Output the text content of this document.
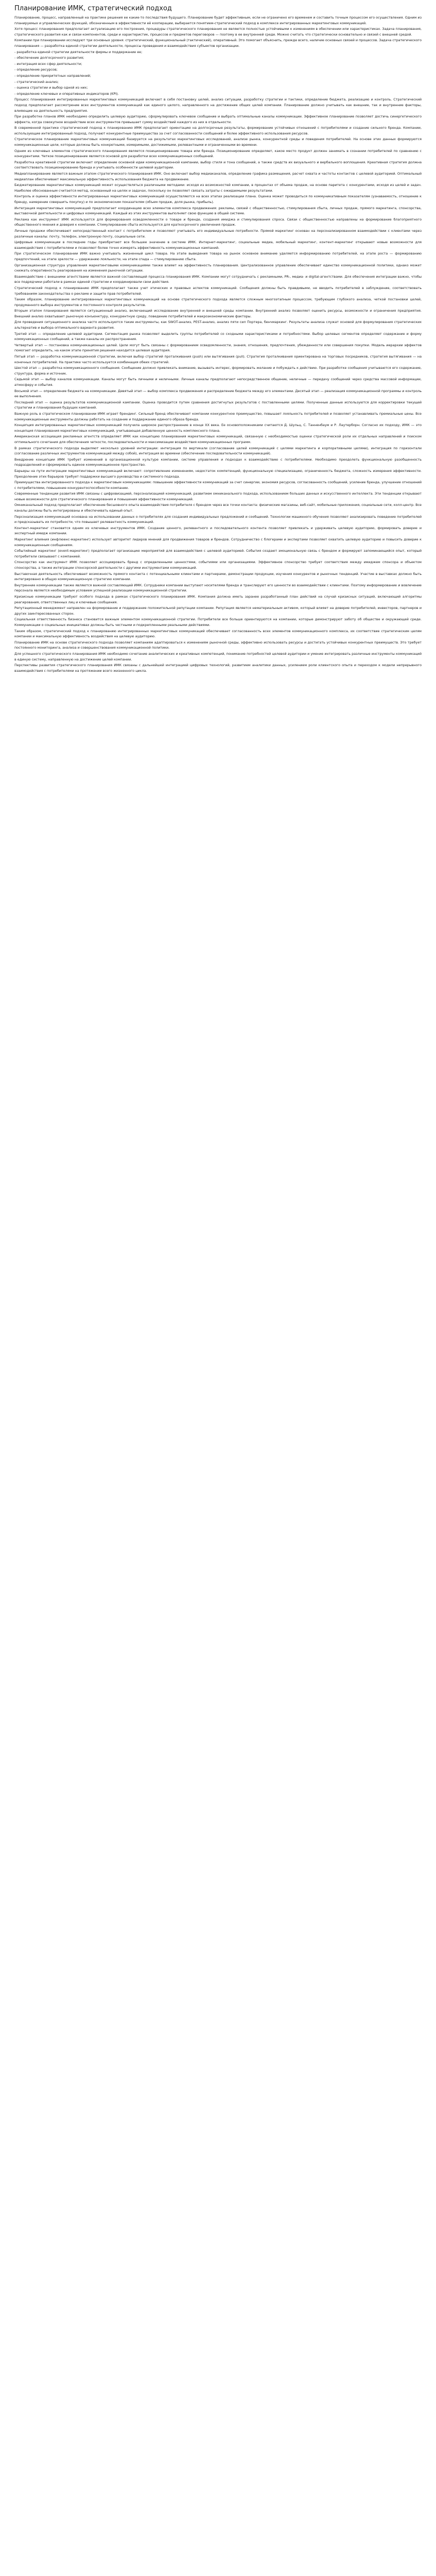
Планирование ИМК, стратегический подход

Планирование, процесс, направленный на практике решения ее какие-то последствия будущего. Планирование будет эффективным, если не ограничено его временем и составить точным процессом его осуществления. Одним из планируемых и управленческих функций, обозначенным в эффективности её кооперации, выбирается понятием-стратегический подход в комплексе интегрированных маркетинговых коммуникаций.

Хотя процесс планирования предполагает актуализацию его построения, процедуры стратегического планирования не являются полностью устойчивыми к изменениям в обеспечении или характеристиках. Задача планирования, стратегического развития как и связи компонентов, среди и характеристик, процессов и предметов переговоров — поэтому в ее внутренней среде. Можно считать что стратегически основательно и связей с внешней средой.

Компании при планировании исследуют три основных уровня: стратегический, функциональный (тактический), оперативный. Это помогает объяснить, прежде всего, наличие основных связей и процессов. Задача стратегического планирования — разработка единой стратегии деятельности, процессы проведения и взаимодействия субъектов организации.

- разработка единой стратегии деятельности фирмы и поддержание ее;

- обеспечение долгосрочного развития;

- интеграция всех сфер деятельности;

- определение ресурсов;

- определение приоритетных направлений;

- стратегический анализ;

- оценка стратегии и выбор одной из них;

- определение ключевых и оперативных индикаторов (KPI).

Процесс планирования интегрированных маркетинговых коммуникаций включает в себя постановку целей, анализ ситуации, разработку стратегии и тактики, определение бюджета, реализацию и контроль. Стратегический подход предполагает рассмотрение всех инструментов коммуникаций как единого целого, направленного на достижение общих целей компании. Планирование должно учитывать как внешние, так и внутренние факторы, влияющие на деятельность предприятия.

При разработке планов ИМК необходимо определить целевую аудиторию, сформулировать ключевое сообщение и выбрать оптимальные каналы коммуникации. Эффективное планирование позволяет достичь синергетического эффекта, когда совокупное воздействие всех инструментов превышает сумму воздействий каждого из них в отдельности.

В современной практике стратегический подход к планированию ИМК предполагает ориентацию на долгосрочные результаты, формирование устойчивых отношений с потребителями и создание сильного бренда. Компании, использующие интегрированный подход, получают конкурентные преимущества за счет согласованности сообщений и более эффективного использования ресурсов.

Стратегическое планирование маркетинговых коммуникаций базируется на результатах маркетинговых исследований, анализе рынка, конкурентной среды и поведения потребителей. На основе этих данных формируются коммуникационные цели, которые должны быть конкретными, измеримыми, достижимыми, релевантными и ограниченными во времени.

Одним из ключевых элементов стратегического планирования является позиционирование товара или бренда. Позиционирование определяет, какое место продукт должен занимать в сознании потребителей по сравнению с конкурентами. Четкое позиционирование является основой для разработки всех коммуникационных сообщений.

Разработка креативной стратегии включает определение основной идеи коммуникационной кампании, выбор стиля и тона сообщений, а также средств их визуального и вербального воплощения. Креативная стратегия должна соответствовать позиционированию бренда и учитывать особенности целевой аудитории.

Медиапланирование является важным этапом стратегического планирования ИМК. Оно включает выбор медиаканалов, определение графика размещения, расчет охвата и частоты контактов с целевой аудиторией. Оптимальный медиаплан обеспечивает максимальную эффективность использования бюджета на продвижение.

Бюджетирование маркетинговых коммуникаций может осуществляться различными методами: исходя из возможностей компании, в процентах от объема продаж, на основе паритета с конкурентами, исходя из целей и задач. Наиболее обоснованным считается метод, основанный на целях и задачах, поскольку он позволяет связать затраты с ожидаемыми результатами.

Контроль и оценка эффективности интегрированных маркетинговых коммуникаций осуществляются на всех этапах реализации плана. Оценка может проводиться по коммуникативным показателям (узнаваемость, отношение к бренду, намерение совершить покупку) и по экономическим показателям (объем продаж, доля рынка, прибыль).

Интеграция маркетинговых коммуникаций предполагает координацию всех элементов комплекса продвижения: рекламы, связей с общественностью, стимулирования сбыта, личных продаж, прямого маркетинга, спонсорства, выставочной деятельности и цифровых коммуникаций. Каждый из этих инструментов выполняет свою функцию в общей системе.

Реклама как инструмент ИМК используется для формирования осведомленности о товаре и бренде, создания имиджа и стимулирования спроса. Связи с общественностью направлены на формирование благоприятного общественного мнения и доверия к компании. Стимулирование сбыта используется для краткосрочного увеличения продаж.

Личные продажи обеспечивают непосредственный контакт с потребителем и позволяют учитывать его индивидуальные потребности. Прямой маркетинг основан на персонализированном взаимодействии с клиентами через различные каналы: почту, телефон, электронную почту, социальные сети.

Цифровые коммуникации в последние годы приобретают все большее значение в системе ИМК. Интернет-маркетинг, социальные медиа, мобильный маркетинг, контент-маркетинг открывают новые возможности для взаимодействия с потребителями и позволяют более точно измерять эффективность коммуникационных кампаний.

При стратегическом планировании ИМК важно учитывать жизненный цикл товара. На этапе выведения товара на рынок основное внимание уделяется информированию потребителей, на этапе роста — формированию предпочтений, на этапе зрелости — удержанию лояльности, на этапе спада — стимулированию сбыта.

Организационная структура управления маркетинговыми коммуникациями также влияет на эффективность планирования. Централизованное управление обеспечивает единство коммуникационной политики, однако может снижать оперативность реагирования на изменения рыночной ситуации.

Взаимодействие с внешними агентствами является важной составляющей процесса планирования ИМК. Компании могут сотрудничать с рекламными, PR-, медиа- и digital-агентствами. Для обеспечения интеграции важно, чтобы все подрядчики работали в рамках единой стратегии и координировали свои действия.

Стратегический подход к планированию ИМК предполагает также учет этических и правовых аспектов коммуникаций. Сообщения должны быть правдивыми, не вводить потребителей в заблуждение, соответствовать требованиям законодательства о рекламе и защите прав потребителей.

Таким образом, планирование интегрированных маркетинговых коммуникаций на основе стратегического подхода является сложным многоэтапным процессом, требующим глубокого анализа, четкой постановки целей, продуманного выбора инструментов и постоянного контроля результатов.

Вторым этапом планирования является ситуационный анализ, включающий исследование внутренней и внешней среды компании. Внутренний анализ позволяет оценить ресурсы, возможности и ограничения предприятия. Внешний анализ охватывает рыночную конъюнктуру, конкурентную среду, поведение потребителей и макроэкономические факторы.

Для проведения ситуационного анализа часто используются такие инструменты, как SWOT-анализ, PEST-анализ, анализ пяти сил Портера, бенчмаркинг. Результаты анализа служат основой для формулирования стратегических альтернатив и выбора оптимального варианта развития.

Третий этап — определение целевой аудитории. Сегментация рынка позволяет выделить группы потребителей со сходными характеристиками и потребностями. Выбор целевых сегментов определяет содержание и форму коммуникационных сообщений, а также каналы их распространения.

Четвертый этап — постановка коммуникационных целей. Цели могут быть связаны с формированием осведомленности, знания, отношения, предпочтения, убежденности или совершения покупки. Модель иерархии эффектов помогает определить, на каком этапе принятия решения находится целевая аудитория.

Пятый этап — разработка коммуникационной стратегии, включая выбор стратегий проталкивания (push) или вытягивания (pull). Стратегия проталкивания ориентирована на торговых посредников, стратегия вытягивания — на конечных потребителей. На практике часто используется комбинация обеих стратегий.

Шестой этап — разработка коммуникационного сообщения. Сообщение должно привлекать внимание, вызывать интерес, формировать желание и побуждать к действию. При разработке сообщения учитываются его содержание, структура, форма и источник.

Седьмой этап — выбор каналов коммуникации. Каналы могут быть личными и неличными. Личные каналы предполагают непосредственное общение, неличные — передачу сообщений через средства массовой информации, атмосферу и события.

Восьмой этап — определение бюджета на коммуникации. Девятый этап — выбор комплекса продвижения и распределение бюджета между его элементами. Десятый этап — реализация коммуникационной программы и контроль ее выполнения.

Последний этап — оценка результатов коммуникационной кампании. Оценка проводится путем сравнения достигнутых результатов с поставленными целями. Полученные данные используются для корректировки текущей стратегии и планирования будущих кампаний.

Важную роль в стратегическом планировании ИМК играет брендинг. Сильный бренд обеспечивает компании конкурентное преимущество, повышает лояльность потребителей и позволяет устанавливать премиальные цены. Все коммуникационные инструменты должны работать на создание и поддержание единого образа бренда.

Концепция интегрированных маркетинговых коммуникаций получила широкое распространение в конце XX века. Ее основоположниками считаются Д. Шульц, С. Танненбаум и Р. Лаутерборн. Согласно их подходу, ИМК — это концепция планирования маркетинговых коммуникаций, учитывающая добавленную ценность комплексного плана.

Американская ассоциация рекламных агентств определяет ИМК как концепцию планирования маркетинговых коммуникаций, связанную с необходимостью оценки стратегической роли их отдельных направлений и поиском оптимального сочетания для обеспечения четкости, последовательности и максимизации воздействия коммуникационных программ.

В рамках стратегического подхода выделяют несколько уровней интеграции: интеграция по вертикали (согласование целей коммуникаций с целями маркетинга и корпоративными целями), интеграция по горизонтали (согласование различных инструментов коммуникаций между собой), интеграция во времени (обеспечение последовательности коммуникаций).

Внедрение концепции ИМК требует изменений в организационной культуре компании, системе управления и подходах к взаимодействию с потребителями. Необходимо преодолеть функциональную разобщенность подразделений и сформировать единое коммуникационное пространство.

Барьеры на пути интеграции маркетинговых коммуникаций включают: сопротивление изменениям, недостаток компетенций, функциональную специализацию, ограниченность бюджета, сложность измерения эффективности. Преодоление этих барьеров требует поддержки высшего руководства и системного подхода.

Преимущества интегрированного подхода к маркетинговым коммуникациям: повышение эффективности коммуникаций за счет синергии, экономия ресурсов, согласованность сообщений, усиление бренда, улучшение отношений с потребителями, повышение конкурентоспособности компании.

Современные тенденции развития ИМК связаны с цифровизацией, персонализацией коммуникаций, развитием омниканального подхода, использованием больших данных и искусственного интеллекта. Эти тенденции открывают новые возможности для стратегического планирования и повышения эффективности коммуникаций.

Омниканальный подход предполагает обеспечение бесшовного опыта взаимодействия потребителя с брендом через все точки контакта: физические магазины, веб-сайт, мобильные приложения, социальные сети, колл-центр. Все каналы должны быть интегрированы и обеспечивать единый опыт.

Персонализация коммуникаций основана на использовании данных о потребителях для создания индивидуальных предложений и сообщений. Технологии машинного обучения позволяют анализировать поведение потребителей и предсказывать их потребности, что повышает релевантность коммуникаций.

Контент-маркетинг становится одним из ключевых инструментов ИМК. Создание ценного, релевантного и последовательного контента позволяет привлекать и удерживать целевую аудиторию, формировать доверие и экспертный имидж компании.

Маркетинг влияния (инфлюенс-маркетинг) использует авторитет лидеров мнений для продвижения товаров и брендов. Сотрудничество с блогерами и экспертами позволяет охватить целевую аудиторию и повысить доверие к коммуникационным сообщениям.

Событийный маркетинг (event-маркетинг) предполагает организацию мероприятий для взаимодействия с целевой аудиторией. События создают эмоциональную связь с брендом и формируют запоминающийся опыт, который потребители связывают с компанией.

Спонсорство как инструмент ИМК позволяет ассоциировать бренд с определенными ценностями, событиями или организациями. Эффективное спонсорство требует соответствия между имиджем спонсора и объектом спонсорства, а также интеграции спонсорской деятельности с другими инструментами коммуникаций.

Выставочная деятельность обеспечивает возможность прямого контакта с потенциальными клиентами и партнерами, демонстрации продукции, изучения конкурентов и рыночных тенденций. Участие в выставках должно быть интегрировано в общую коммуникационную стратегию компании.

Внутренние коммуникации также являются важной составляющей ИМК. Сотрудники компании выступают носителями бренда и транслируют его ценности во взаимодействии с клиентами. Поэтому информирование и вовлечение персонала является необходимым условием успешной реализации коммуникационной стратегии.

Кризисные коммуникации требуют особого подхода в рамках стратегического планирования ИМК. Компания должна иметь заранее разработанный план действий на случай кризисных ситуаций, включающий алгоритмы реагирования, ответственных лиц и ключевые сообщения.

Репутационный менеджмент направлен на формирование и поддержание положительной репутации компании. Репутация является нематериальным активом, который влияет на доверие потребителей, инвесторов, партнеров и других заинтересованных сторон.

Социальная ответственность бизнеса становится важным элементом коммуникационной стратегии. Потребители все больше ориентируются на компании, которые демонстрируют заботу об обществе и окружающей среде. Коммуникации о социальных инициативах должны быть честными и подкрепленными реальными действиями.

Таким образом, стратегический подход к планированию интегрированных маркетинговых коммуникаций обеспечивает согласованность всех элементов коммуникационного комплекса, их соответствие стратегическим целям компании и максимальную эффективность воздействия на целевую аудиторию.

Планирование ИМК на основе стратегического подхода позволяет компаниям адаптироваться к изменениям рыночной среды, эффективно использовать ресурсы и достигать устойчивых конкурентных преимуществ. Это требует постоянного мониторинга, анализа и совершенствования коммуникационной политики.

Для успешного стратегического планирования ИМК необходимо сочетание аналитических и креативных компетенций, понимание потребностей целевой аудитории и умение интегрировать различные инструменты коммуникаций в единую систему, направленную на достижение целей компании.

Перспективы развития стратегического планирования ИМК связаны с дальнейшей интеграцией цифровых технологий, развитием аналитики данных, усилением роли клиентского опыта и переходом к модели непрерывного взаимодействия с потребителями на протяжении всего жизненного цикла.
